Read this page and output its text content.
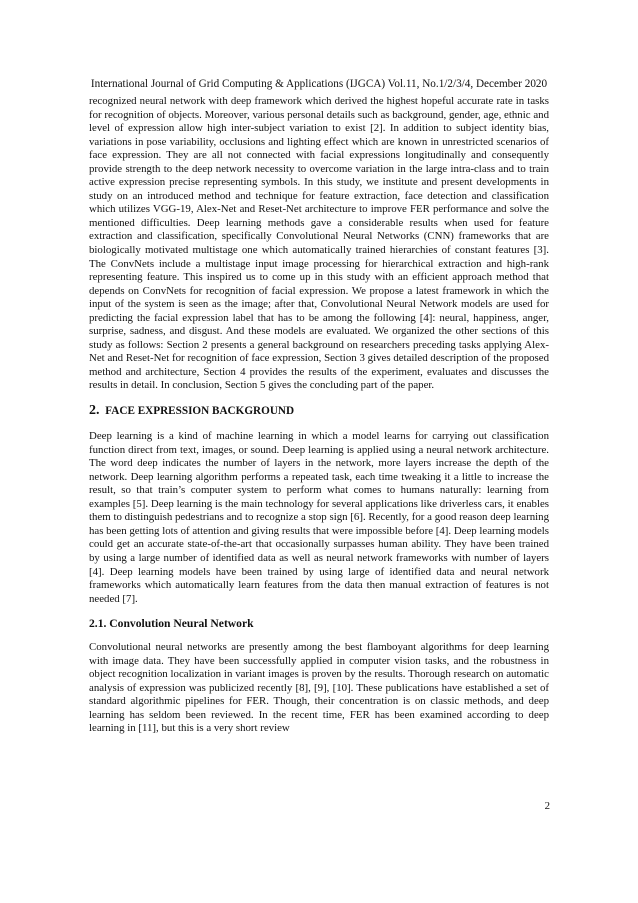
International Journal of Grid Computing & Applications (IJGCA) Vol.11, No.1/2/3/4, December 2020

recognized neural network with deep framework which derived the highest hopeful accurate rate in tasks for recognition of objects. Moreover, various personal details such as background, gender, age, ethnic and level of expression allow high inter-subject variation to exist [2]. In addition to subject identity bias, variations in pose variability, occlusions and lighting effect which are known in unrestricted scenarios of face expression. They are all not connected with facial expressions longitudinally and consequently provide strength to the deep network necessity to overcome variation in the large intra-class and to train active expression precise representing symbols. In this study, we institute and present developments in study on an introduced method and technique for feature extraction, face detection and classification which utilizes VGG-19, Alex-Net and Reset-Net architecture to improve FER performance and solve the mentioned difficulties. Deep learning methods gave a considerable results when used for feature extraction and classification, specifically Convolutional Neural Networks (CNN) frameworks that are biologically motivated multistage one which automatically trained hierarchies of constant features [3]. The ConvNets include a multistage input image processing for hierarchical extraction and high-rank representing feature. This inspired us to come up in this study with an efficient approach method that depends on ConvNets for recognition of facial expression. We propose a latest framework in which the input of the system is seen as the image; after that, Convolutional Neural Network models are used for predicting the facial expression label that has to be among the following [4]: neural, happiness, anger, surprise, sadness, and disgust. And these models are evaluated. We organized the other sections of this study as follows: Section 2 presents a general background on researchers preceding tasks applying Alex-Net and Reset-Net for recognition of face expression, Section 3 gives detailed description of the proposed method and architecture, Section 4 provides the results of the experiment, evaluates and discusses the results in detail. In conclusion, Section 5 gives the concluding part of the paper.

2. FACE EXPRESSION BACKGROUND

Deep learning is a kind of machine learning in which a model learns for carrying out classification function direct from text, images, or sound. Deep learning is applied using a neural network architecture. The word deep indicates the number of layers in the network, more layers increase the depth of the network. Deep learning algorithm performs a repeated task, each time tweaking it a little to increase the result, so that train’s computer system to perform what comes to humans naturally: learning from examples [5]. Deep learning is the main technology for several applications like driverless cars, it enables them to distinguish pedestrians and to recognize a stop sign [6]. Recently, for a good reason deep learning has been getting lots of attention and giving results that were impossible before [4]. Deep learning models could get an accurate state-of-the-art that occasionally surpasses human ability. They have been trained by using a large number of identified data as well as neural network frameworks with number of layers [4]. Deep learning models have been trained by using large of identified data and neural network frameworks which automatically learn features from the data then manual extraction of features is not needed [7].

2.1. Convolution Neural Network

Convolutional neural networks are presently among the best flamboyant algorithms for deep learning with image data. They have been successfully applied in computer vision tasks, and the robustness in object recognition localization in variant images is proven by the results. Thorough research on automatic analysis of expression was publicized recently [8], [9], [10]. These publications have established a set of standard algorithmic pipelines for FER. Though, their concentration is on classic methods, and deep learning has seldom been reviewed. In the recent time, FER has been examined according to deep learning in [11], but this is a very short review

2
